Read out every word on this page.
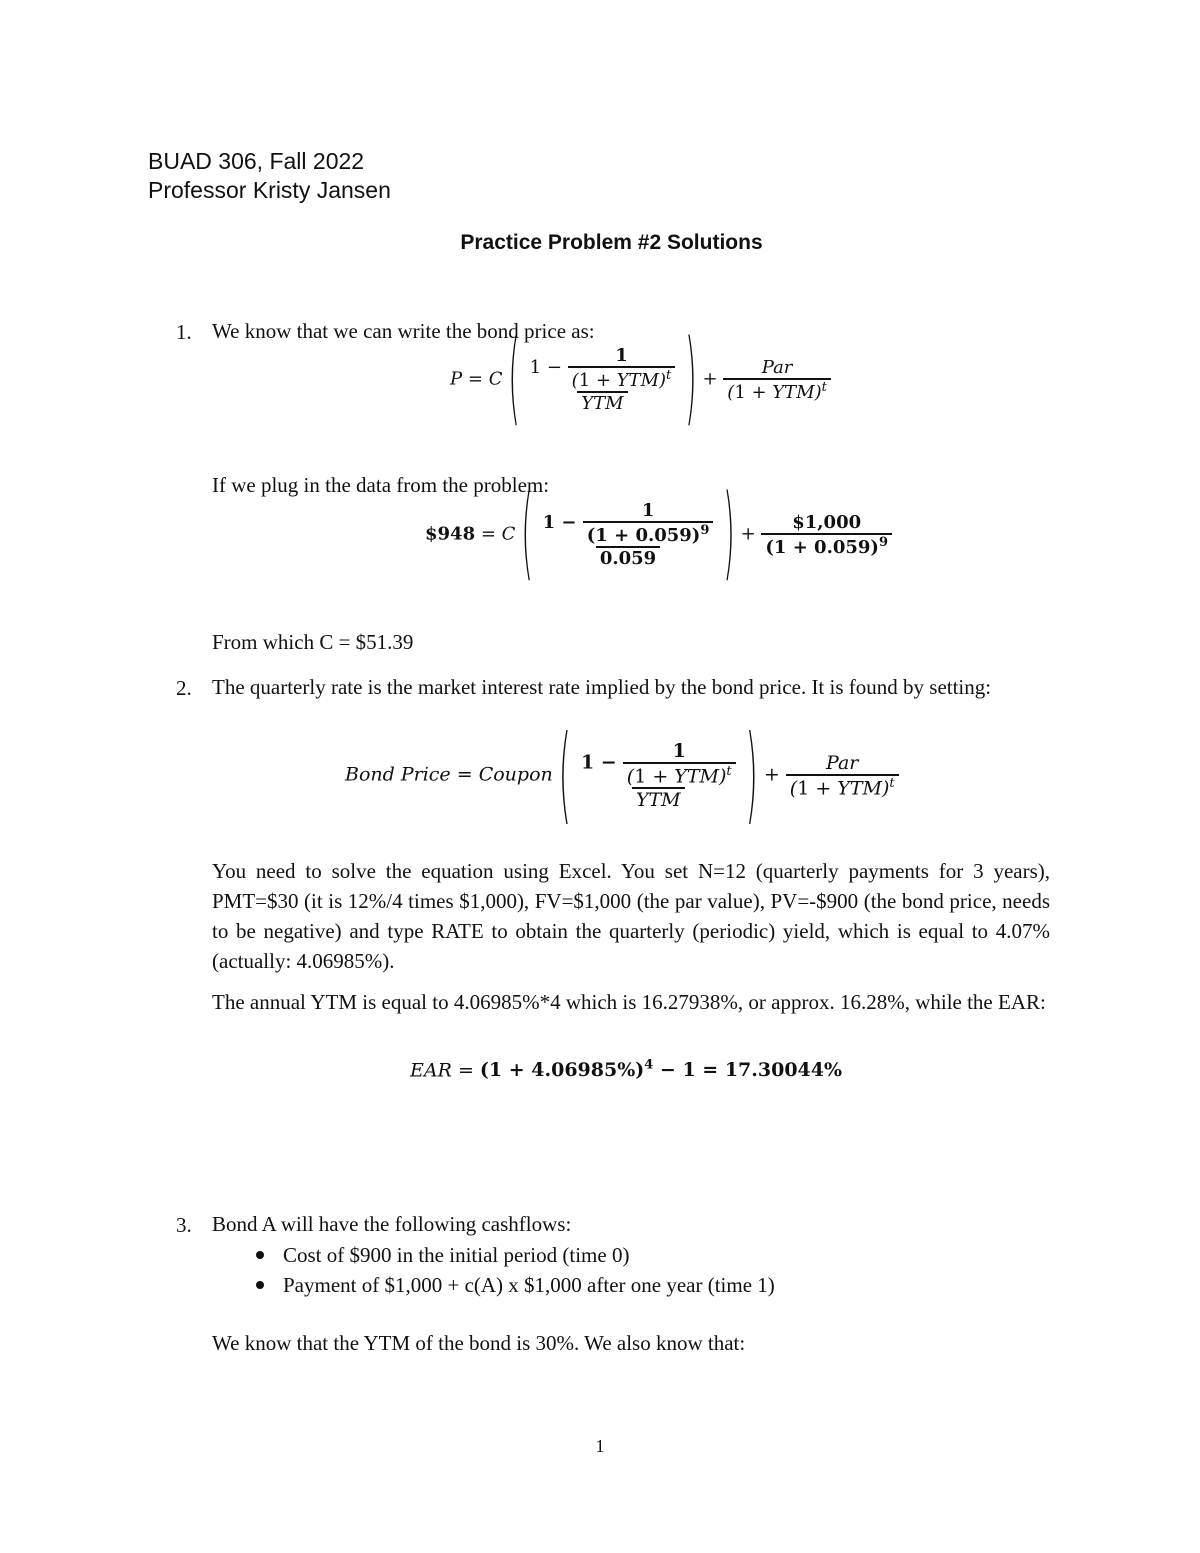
BUAD 306, Fall 2022
Professor Kristy Jansen
Practice Problem #2 Solutions
1. We know that we can write the bond price as:
P = C ( $\frac{1 - \frac{1}{(1 + YTM)^t}}{\text{YTM}}$ ) + $\frac{\text{Par}}{(1 + YTM)^t}$
If we plug in the data from the problem:
$948 = C ( $\frac{1 - \frac{1}{(1 + 0.059)^9}}{0.059}$ ) + $\frac{\$1,000}{(1 + 0.059)^9}$
From which C = $51.39
2. The quarterly rate is the market interest rate implied by the bond price. It is found by setting:
Bond Price = Coupon ( $\frac{1 - \frac{1}{(1 + YTM)^t}}{\text{YTM}}$ ) + $\frac{\text{Par}}{(1 + YTM)^t}$
You need to solve the equation using Excel. You set N=12 (quarterly payments for 3 years), PMT=$30 (it is 12%/4 times $1,000), FV=$1,000 (the par value), PV=-$900 (the bond price, needs to be negative) and type RATE to obtain the quarterly (periodic) yield, which is equal to 4.07% (actually: 4.06985%).
The annual YTM is equal to 4.06985%*4 which is 16.27938%, or approx. 16.28%, while the EAR:
EAR = $(1 + 4.06985\%)^4 - 1 = 17.30044\%$
3. Bond A will have the following cashflows:
Cost of $900 in the initial period (time 0)
Payment of $1,000 + c(A) x $1,000 after one year (time 1)
We know that the YTM of the bond is 30%. We also know that:
1
